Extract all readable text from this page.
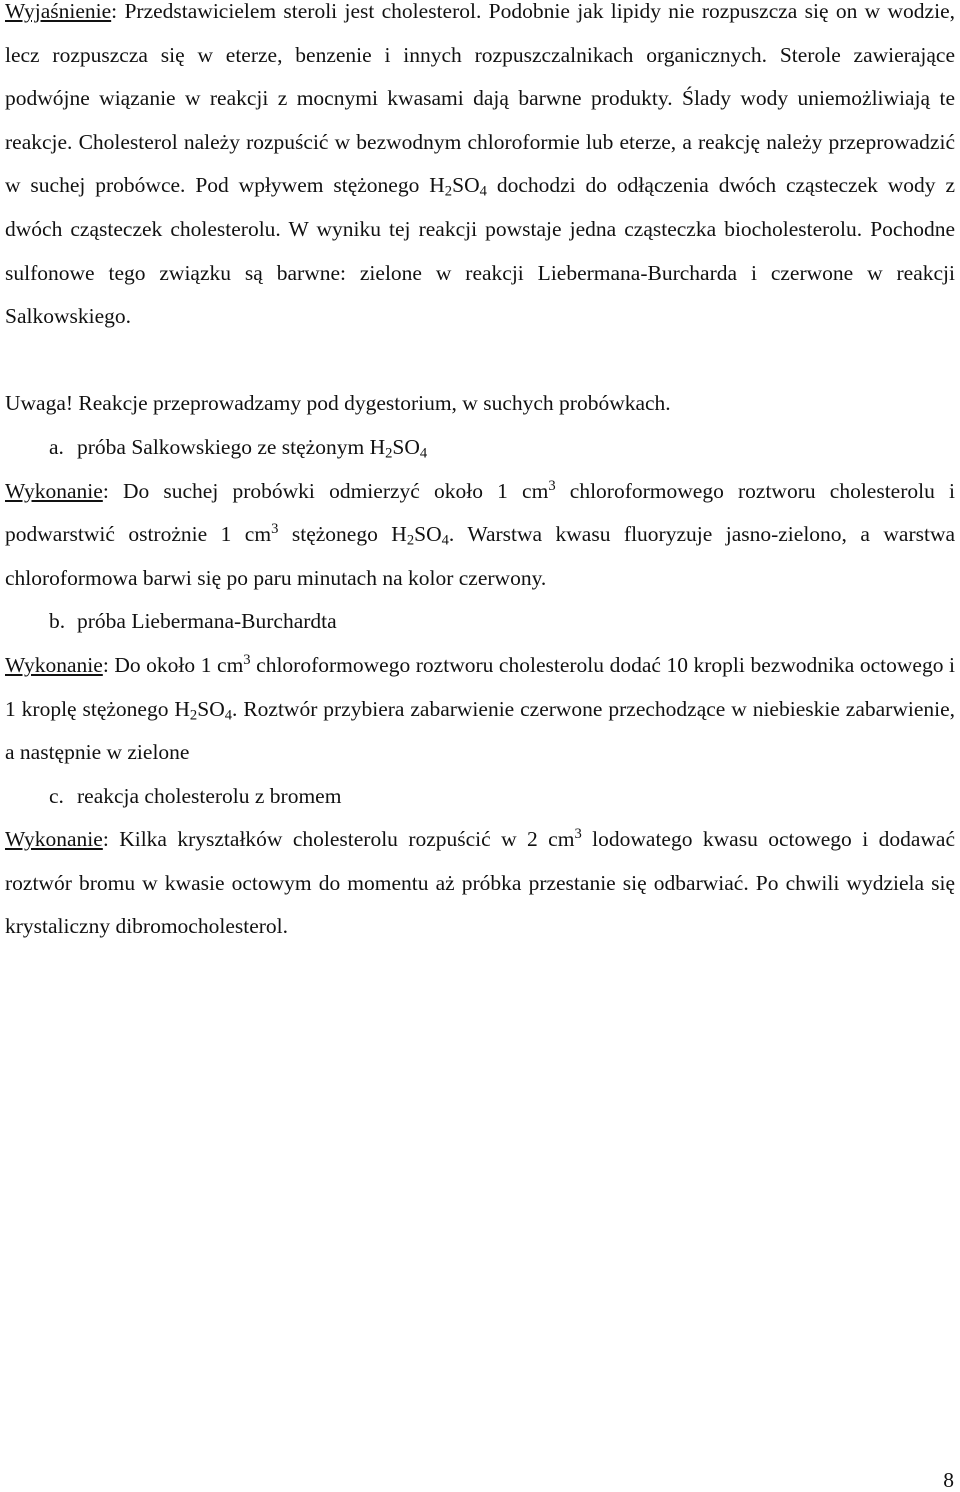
Wyjaśnienie: Przedstawicielem steroli jest cholesterol. Podobnie jak lipidy nie rozpuszcza się on w wodzie, lecz rozpuszcza się w eterze, benzenie i innych rozpuszczalnikach organicznych. Sterole zawierające podwójne wiązanie w reakcji z mocnymi kwasami dają barwne produkty. Ślady wody uniemożliwiają te reakcje. Cholesterol należy rozpuścić w bezwodnym chloroformie lub eterze, a reakcję należy przeprowadzić w suchej probówce. Pod wpływem stężonego $H_2SO_4$ dochodzi do odłączenia dwóch cząsteczek wody z dwóch cząsteczek cholesterolu. W wyniku tej reakcji powstaje jedna cząsteczka biocholesterolu. Pochodne sulfonowe tego związku są barwne: zielone w reakcji Liebermana-Burcharda i czerwone w reakcji Salkowskiego.

Uwaga! Reakcje przeprowadzamy pod dygestorium, w suchych probówkach.

a. próba Salkowskiego ze stężonym $H_2SO_4$

Wykonanie: Do suchej probówki odmierzyć około 1 $cm^3$ chloroformowego roztworu cholesterolu i podwarstwić ostrożnie 1 $cm^3$ stężonego $H_2SO_4$. Warstwa kwasu fluoryzuje jasno-zielono, a warstwa chloroformowa barwi się po paru minutach na kolor czerwony.

b. próba Liebermana-Burchardta

Wykonanie: Do około 1 $cm^3$ chloroformowego roztworu cholesterolu dodać 10 kropli bezwodnika octowego i 1 kroplę stężonego $H_2SO_4$. Roztwór przybiera zabarwienie czerwone przechodzące w niebieskie zabarwienie, a następnie w zielone

c. reakcja cholesterolu z bromem

Wykonanie: Kilka kryształków cholesterolu rozpuścić w 2 $cm^3$ lodowatego kwasu octowego i dodawać roztwór bromu w kwasie octowym do momentu aż próbka przestanie się odbarwiać. Po chwili wydziela się krystaliczny dibromocholesterol.

8
